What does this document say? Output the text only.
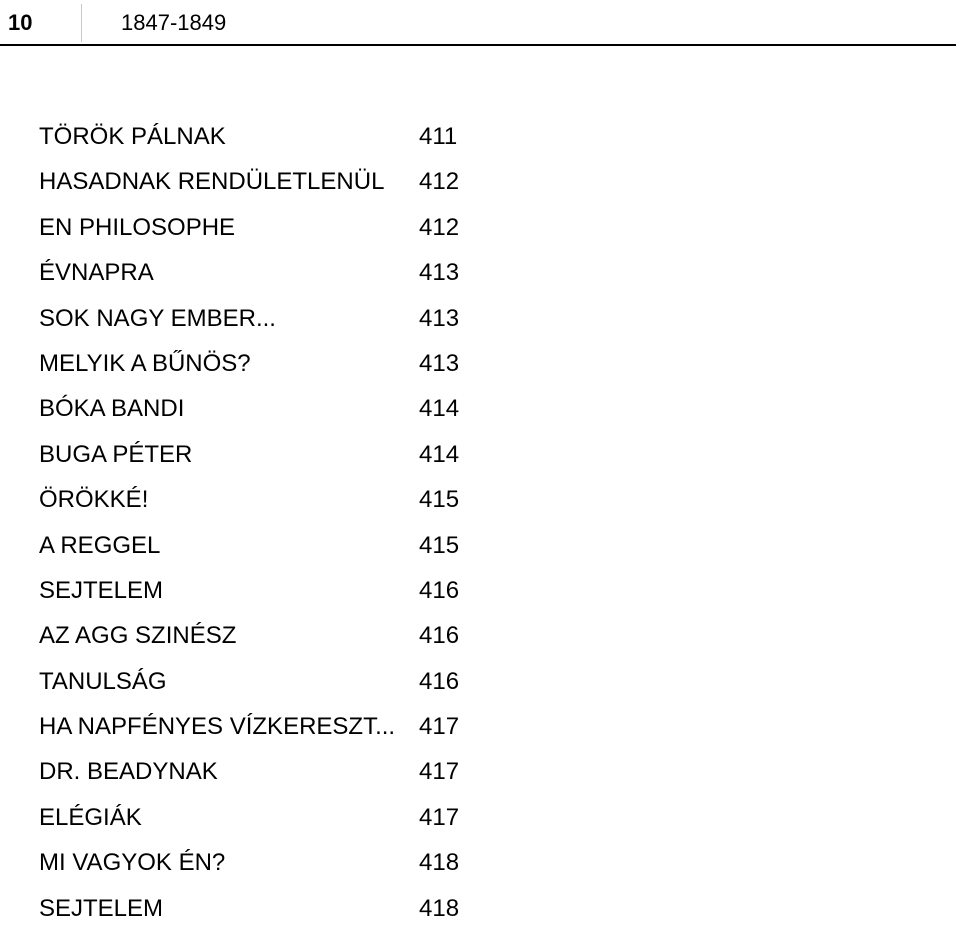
10	1847-1849
TÖRÖK PÁLNAK	411
HASADNAK RENDÜLETLENÜL 412
EN PHILOSOPHE	412
ÉVNAPRA	413
SOK NAGY EMBER...	413
MELYIK A BŰNÖS?	413
BÓKA BANDI	414
BUGA PÉTER	414
ÖRÖKKÉ!	415
A REGGEL	415
SEJTELEM	416
AZ AGG SZINÉSZ	416
TANULSÁG	416
HA NAPFÉNYES VÍZKERESZT... 417
DR. BEADYNAK	417
ELÉGIÁK	417
MI VAGYOK ÉN?	418
SEJTELEM	418
